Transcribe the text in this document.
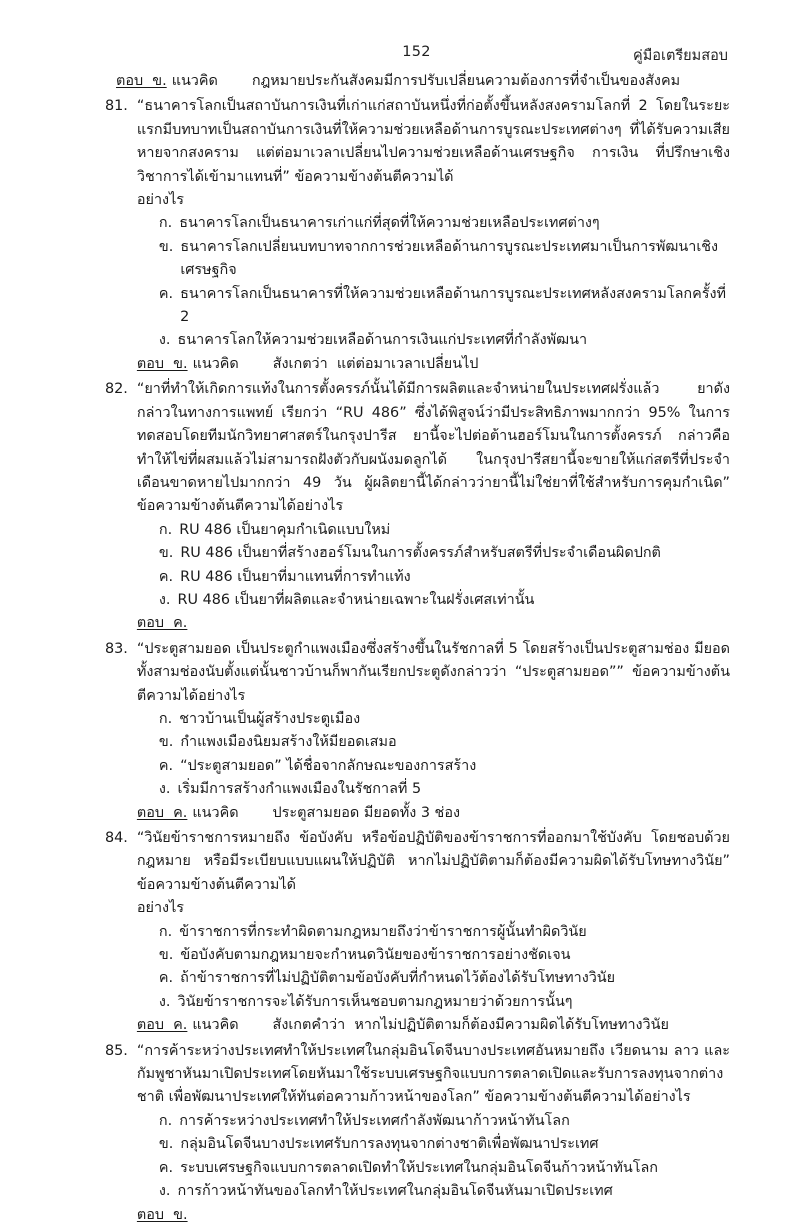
152	คู่มือเตรียมสอบ
ตอบ  ข. แนวคิด	กฎหมายประกันสังคมมีการปรับเปลี่ยนความต้องการที่จำเป็นของสังคม
81. “ธนาคารโลกเป็นสถาบันการเงินที่เก่าแก่สถาบันหนึ่งที่ก่อตั้งขึ้นหลังสงครามโลกที่ 2 โดยในระยะแรกมีบทบาทเป็นสถาบันการเงินที่ให้ความช่วยเหลือด้านการบูรณะประเทศต่างๆ ที่ได้รับความเสียหายจากสงคราม แต่ต่อมาเวลาเปลี่ยนไปความช่วยเหลือด้านเศรษฐกิจ การเงิน ที่ปรึกษาเชิงวิชาการได้เข้ามาแทนที่” ข้อความข้างต้นตีความได้

อย่างไร

ก. ธนาคารโลกเป็นธนาคารเก่าแก่ที่สุดที่ให้ความช่วยเหลือประเทศต่างๆ
ข. ธนาคารโลกเปลี่ยนบทบาทจากการช่วยเหลือด้านการบูรณะประเทศมาเป็นการพัฒนาเชิงเศรษฐกิจ
ค. ธนาคารโลกเป็นธนาคารที่ให้ความช่วยเหลือด้านการบูรณะประเทศหลังสงครามโลกครั้งที่ 2
ง. ธนาคารโลกให้ความช่วยเหลือด้านการเงินแก่ประเทศที่กำลังพัฒนา
ตอบ  ข. แนวคิด	สังเกตว่า  แต่ต่อมาเวลาเปลี่ยนไป
82. “ยาที่ทำให้เกิดการแท้งในการตั้งครรภ์นั้นได้มีการผลิตและจำหน่ายในประเทศฝรั่งแล้ว ยาดังกล่าวในทางการแพทย์ เรียกว่า “RU 486” ซึ่งได้พิสูจน์ว่ามีประสิทธิภาพมากกว่า 95% ในการทดสอบโดยทีมนักวิทยาศาสตร์ในกรุงปารีส ยานี้จะไปต่อต้านฮอร์โมนในการตั้งครรภ์ กล่าวคือทำให้ไข่ที่ผสมแล้วไม่สามารถฝังตัวกับผนังมดลูกได้ ในกรุงปารีสยานี้จะขายให้แก่สตรีที่ประจำเดือนขาดหายไปมากกว่า 49 วัน ผู้ผลิตยานี้ได้กล่าวว่ายานี้ไม่ใช่ยาที่ใช้สำหรับการคุมกำเนิด” ข้อความข้างต้นตีความได้อย่างไร

ก. RU 486 เป็นยาคุมกำเนิดแบบใหม่
ข. RU 486 เป็นยาที่สร้างฮอร์โมนในการตั้งครรภ์สำหรับสตรีที่ประจำเดือนผิดปกติ
ค. RU 486 เป็นยาที่มาแทนที่การทำแท้ง
ง. RU 486 เป็นยาที่ผลิตและจำหน่ายเฉพาะในฝรั่งเศสเท่านั้น
ตอบ  ค.
83. “ประตูสามยอด เป็นประตูกำแพงเมืองซึ่งสร้างขึ้นในรัชกาลที่ 5 โดยสร้างเป็นประตูสามช่อง มียอดทั้งสามช่องนับตั้งแต่นั้นชาวบ้านก็พากันเรียกประตูดังกล่าวว่า “ประตูสามยอด”” ข้อความข้างต้นตีความได้อย่างไร

ก. ชาวบ้านเป็นผู้สร้างประตูเมือง
ข. กำแพงเมืองนิยมสร้างให้มียอดเสมอ
ค. “ประตูสามยอด” ได้ชื่อจากลักษณะของการสร้าง
ง. เริ่มมีการสร้างกำแพงเมืองในรัชกาลที่ 5
ตอบ  ค. แนวคิด	ประตูสามยอด มียอดทั้ง 3 ช่อง
84. “วินัยข้าราชการหมายถึง ข้อบังคับ หรือข้อปฏิบัติของข้าราชการที่ออกมาใช้บังคับ โดยชอบด้วยกฎหมาย หรือมีระเบียบแบบแผนให้ปฏิบัติ หากไม่ปฏิบัติตามก็ต้องมีความผิดได้รับโทษทางวินัย” ข้อความข้างต้นตีความได้

อย่างไร

ก. ข้าราชการที่กระทำผิดตามกฎหมายถึงว่าข้าราชการผู้นั้นทำผิดวินัย
ข. ข้อบังคับตามกฎหมายจะกำหนดวินัยของข้าราชการอย่างชัดเจน
ค. ถ้าข้าราชการที่ไม่ปฏิบัติตามข้อบังคับที่กำหนดไว้ต้องได้รับโทษทางวินัย
ง. วินัยข้าราชการจะได้รับการเห็นชอบตามกฎหมายว่าด้วยการนั้นๆ
ตอบ  ค. แนวคิด	สังเกตคำว่า  หากไม่ปฏิบัติตามก็ต้องมีความผิดได้รับโทษทางวินัย
85. “การค้าระหว่างประเทศทำให้ประเทศในกลุ่มอินโดจีนบางประเทศอันหมายถึง เวียดนาม ลาว และกัมพูชาหันมาเปิดประเทศโดยหันมาใช้ระบบเศรษฐกิจแบบการตลาดเปิดและรับการลงทุนจากต่างชาติ เพื่อพัฒนาประเทศให้ทันต่อความก้าวหน้าของโลก” ข้อความข้างต้นตีความได้อย่างไร

ก. การค้าระหว่างประเทศทำให้ประเทศกำลังพัฒนาก้าวหน้าทันโลก
ข. กลุ่มอินโดจีนบางประเทศรับการลงทุนจากต่างชาติเพื่อพัฒนาประเทศ
ค. ระบบเศรษฐกิจแบบการตลาดเปิดทำให้ประเทศในกลุ่มอินโดจีนก้าวหน้าทันโลก
ง. การก้าวหน้าทันของโลกทำให้ประเทศในกลุ่มอินโดจีนหันมาเปิดประเทศ
ตอบ  ข.
